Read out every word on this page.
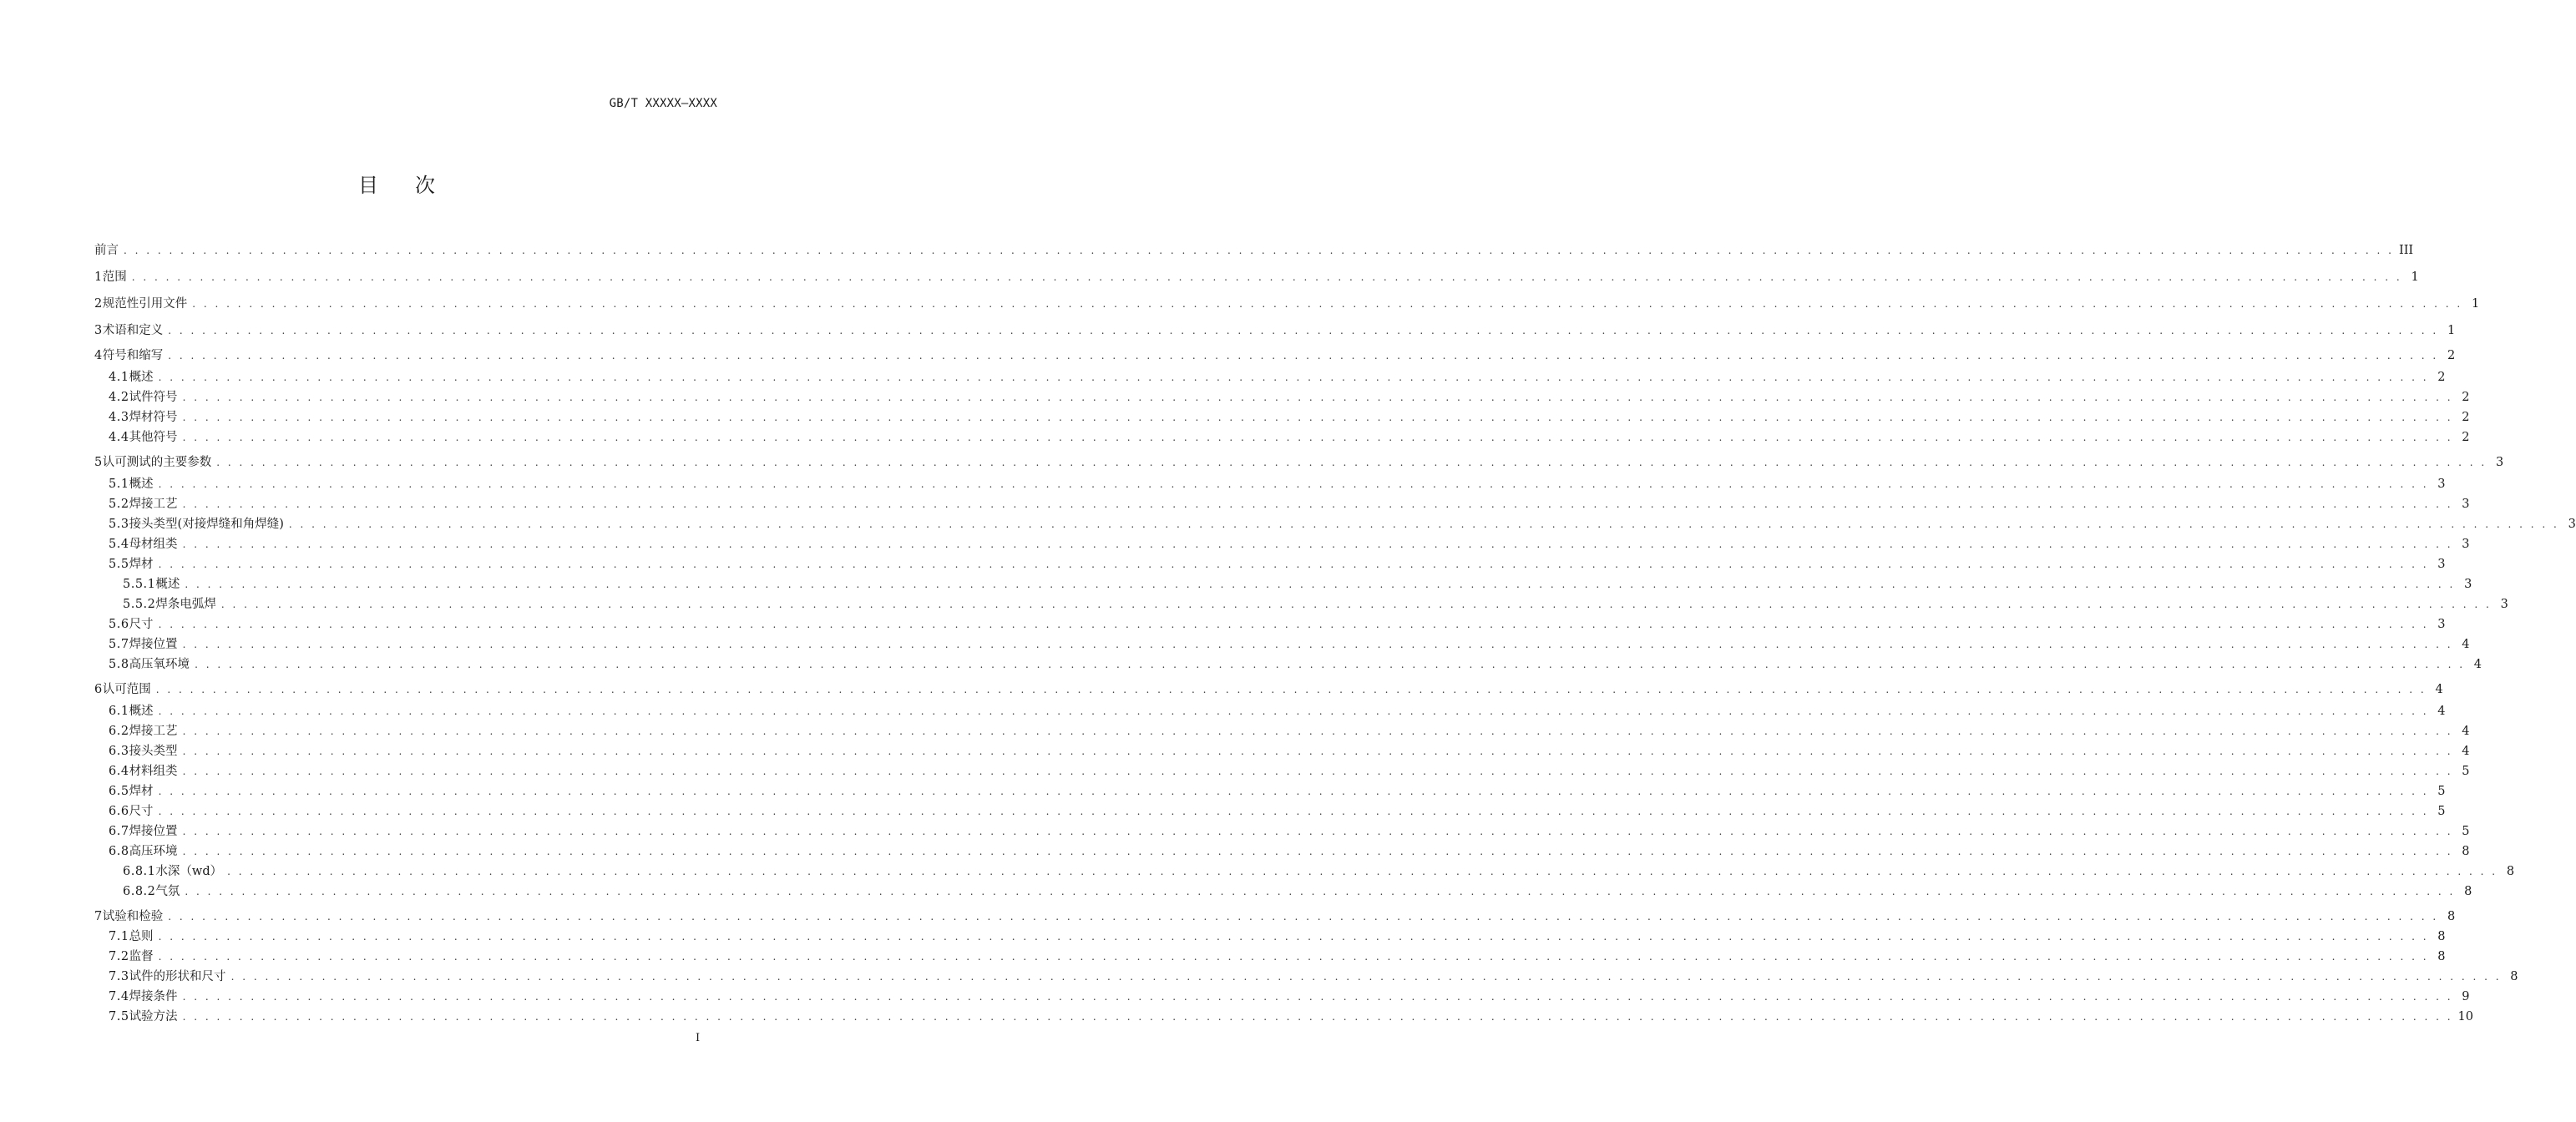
GB/T XXXXX—XXXX
目 次
前言 . . . . . . . . . . . . . . . . . . . . . . . . . . . . . . . . . . . . . . . . . . . . . . . . . . . . . . . . . . . . . . . . . . . . . . . . . . . . . . . . . . . . . . . . . . . . . . . . . . . . . . . . . . . . . . . . . . . . . . . . . . . . . . . . . . . . . . . . . . . . . . . . . . . . . . . . . . . . . . . . . . . . . . . . . . . . . . . . . . . . . . . . . . . . . . . . . . . . . . . . III
1 范围 . . . . . . . . . . . . . . . . . . . . . . . . . . . . . . . . . . . . . . . . . . . . . . . . . . . . . . . . . . . . . . . . . . . . . . . . . . . . . . . . . . . . . . . . . . . . . . . . . . . . . . . . . . . . . . . . . . . . . . . . . . . . . . . . . . . . . . . . . . . . . . . . . . . . . . . . . . . . . . . . . . . . . . . . . . . . . . . . . . . . . . . . . . . . . . . . . . . . . . . . 1
2 规范性引用文件 . . . . . . . . . . . . . . . . . . . . . . . . . . . . . . . . . . . . . . . . . . . . . . . . . . . . . . . . . . . . . . . . . . . . . . . . . . . . . . . . . . . . . . . . . . . . . . . . . . . . . . . . . . . . . . . . . . . . . . . . . . . . . . . . . . . . . . . . . . . . . . . . . . . . . . . . . . . . . . . . . . . . . . . . . . . . . . . . . . . . . . . . . . . . . . . . . . . . . . . . 1
3 术语和定义 . . . . . . . . . . . . . . . . . . . . . . . . . . . . . . . . . . . . . . . . . . . . . . . . . . . . . . . . . . . . . . . . . . . . . . . . . . . . . . . . . . . . . . . . . . . . . . . . . . . . . . . . . . . . . . . . . . . . . . . . . . . . . . . . . . . . . . . . . . . . . . . . . . . . . . . . . . . . . . . . . . . . . . . . . . . . . . . . . . . . . . . . . . . . . . . . . . . . . . . . 1
4 符号和缩写 . . . . . . . . . . . . . . . . . . . . . . . . . . . . . . . . . . . . . . . . . . . . . . . . . . . . . . . . . . . . . . . . . . . . . . . . . . . . . . . . . . . . . . . . . . . . . . . . . . . . . . . . . . . . . . . . . . . . . . . . . . . . . . . . . . . . . . . . . . . . . . . . . . . . . . . . . . . . . . . . . . . . . . . . . . . . . . . . . . . . . . . . . . . . . . . . . . . . . . . . 2
4.1 概述 . . . . . . . . . . . . . . . . . . . . . . . . . . . . . . . . . . . . . . . . . . . . . . . . . . . . . . . . . . . . . . . . . . . . . . . . . . . . . . . . . . . . . . . . . . . . . . . . . . . . . . . . . . . . . . . . . . . . . . . . . . . . . . . . . . . . . . . . . . . . . . . . . . . . . . . . . . . . . . . . . . . . . . . . . . . . . . . . . . . . . . . . . . . . . . . . . . . . . . . . 2
4.2 试件符号 . . . . . . . . . . . . . . . . . . . . . . . . . . . . . . . . . . . . . . . . . . . . . . . . . . . . . . . . . . . . . . . . . . . . . . . . . . . . . . . . . . . . . . . . . . . . . . . . . . . . . . . . . . . . . . . . . . . . . . . . . . . . . . . . . . . . . . . . . . . . . . . . . . . . . . . . . . . . . . . . . . . . . . . . . . . . . . . . . . . . . . . . . . . . . . . . . . . . . . . . 2
4.3 焊材符号 . . . . . . . . . . . . . . . . . . . . . . . . . . . . . . . . . . . . . . . . . . . . . . . . . . . . . . . . . . . . . . . . . . . . . . . . . . . . . . . . . . . . . . . . . . . . . . . . . . . . . . . . . . . . . . . . . . . . . . . . . . . . . . . . . . . . . . . . . . . . . . . . . . . . . . . . . . . . . . . . . . . . . . . . . . . . . . . . . . . . . . . . . . . . . . . . . . . . . . . . 2
4.4 其他符号 . . . . . . . . . . . . . . . . . . . . . . . . . . . . . . . . . . . . . . . . . . . . . . . . . . . . . . . . . . . . . . . . . . . . . . . . . . . . . . . . . . . . . . . . . . . . . . . . . . . . . . . . . . . . . . . . . . . . . . . . . . . . . . . . . . . . . . . . . . . . . . . . . . . . . . . . . . . . . . . . . . . . . . . . . . . . . . . . . . . . . . . . . . . . . . . . . . . . . . . . 2
5 认可测试的主要参数 . . . . . . . . . . . . . . . . . . . . . . . . . . . . . . . . . . . . . . . . . . . . . . . . . . . . . . . . . . . . . . . . . . . . . . . . . . . . . . . . . . . . . . . . . . . . . . . . . . . . . . . . . . . . . . . . . . . . . . . . . . . . . . . . . . . . . . . . . . . . . . . . . . . . . . . . . . . . . . . . . . . . . . . . . . . . . . . . . . . . . . . . . . . . . . . . . . . . . . . . 3
5.1 概述 . . . . . . . . . . . . . . . . . . . . . . . . . . . . . . . . . . . . . . . . . . . . . . . . . . . . . . . . . . . . . . . . . . . . . . . . . . . . . . . . . . . . . . . . . . . . . . . . . . . . . . . . . . . . . . . . . . . . . . . . . . . . . . . . . . . . . . . . . . . . . . . . . . . . . . . . . . . . . . . . . . . . . . . . . . . . . . . . . . . . . . . . . . . . . . . . . . . . . . . . 3
5.2 焊接工艺 . . . . . . . . . . . . . . . . . . . . . . . . . . . . . . . . . . . . . . . . . . . . . . . . . . . . . . . . . . . . . . . . . . . . . . . . . . . . . . . . . . . . . . . . . . . . . . . . . . . . . . . . . . . . . . . . . . . . . . . . . . . . . . . . . . . . . . . . . . . . . . . . . . . . . . . . . . . . . . . . . . . . . . . . . . . . . . . . . . . . . . . . . . . . . . . . . . . . . . . . 3
5.3 接头类型(对接焊缝和角焊缝) . . . . . . . . . . . . . . . . . . . . . . . . . . . . . . . . . . . . . . . . . . . . . . . . . . . . . . . . . . . . . . . . . . . . . . . . . . . . . . . . . . . . . . . . . . . . . . . . . . . . . . . . . . . . . . . . . . . . . . . . . . . . . . . . . . . . . . . . . . . . . . . . . . . . . . . . . . . . . . . . . . . . . . . . . . . . . . . . . . . . . . . . . . . . . . . . . . . . . . . . 3
5.4 母材组类 . . . . . . . . . . . . . . . . . . . . . . . . . . . . . . . . . . . . . . . . . . . . . . . . . . . . . . . . . . . . . . . . . . . . . . . . . . . . . . . . . . . . . . . . . . . . . . . . . . . . . . . . . . . . . . . . . . . . . . . . . . . . . . . . . . . . . . . . . . . . . . . . . . . . . . . . . . . . . . . . . . . . . . . . . . . . . . . . . . . . . . . . . . . . . . . . . . . . . . . . 3
5.5 焊材 . . . . . . . . . . . . . . . . . . . . . . . . . . . . . . . . . . . . . . . . . . . . . . . . . . . . . . . . . . . . . . . . . . . . . . . . . . . . . . . . . . . . . . . . . . . . . . . . . . . . . . . . . . . . . . . . . . . . . . . . . . . . . . . . . . . . . . . . . . . . . . . . . . . . . . . . . . . . . . . . . . . . . . . . . . . . . . . . . . . . . . . . . . . . . . . . . . . . . . . . 3
5.5.1 概述 . . . . . . . . . . . . . . . . . . . . . . . . . . . . . . . . . . . . . . . . . . . . . . . . . . . . . . . . . . . . . . . . . . . . . . . . . . . . . . . . . . . . . . . . . . . . . . . . . . . . . . . . . . . . . . . . . . . . . . . . . . . . . . . . . . . . . . . . . . . . . . . . . . . . . . . . . . . . . . . . . . . . . . . . . . . . . . . . . . . . . . . . . . . . . . . . . . . . . . . . 3
5.5.2 焊条电弧焊 . . . . . . . . . . . . . . . . . . . . . . . . . . . . . . . . . . . . . . . . . . . . . . . . . . . . . . . . . . . . . . . . . . . . . . . . . . . . . . . . . . . . . . . . . . . . . . . . . . . . . . . . . . . . . . . . . . . . . . . . . . . . . . . . . . . . . . . . . . . . . . . . . . . . . . . . . . . . . . . . . . . . . . . . . . . . . . . . . . . . . . . . . . . . . . . . . . . . . . . . 3
5.6 尺寸 . . . . . . . . . . . . . . . . . . . . . . . . . . . . . . . . . . . . . . . . . . . . . . . . . . . . . . . . . . . . . . . . . . . . . . . . . . . . . . . . . . . . . . . . . . . . . . . . . . . . . . . . . . . . . . . . . . . . . . . . . . . . . . . . . . . . . . . . . . . . . . . . . . . . . . . . . . . . . . . . . . . . . . . . . . . . . . . . . . . . . . . . . . . . . . . . . . . . . . . . 3
5.7 焊接位置 . . . . . . . . . . . . . . . . . . . . . . . . . . . . . . . . . . . . . . . . . . . . . . . . . . . . . . . . . . . . . . . . . . . . . . . . . . . . . . . . . . . . . . . . . . . . . . . . . . . . . . . . . . . . . . . . . . . . . . . . . . . . . . . . . . . . . . . . . . . . . . . . . . . . . . . . . . . . . . . . . . . . . . . . . . . . . . . . . . . . . . . . . . . . . . . . . . . . . . . . 4
5.8 高压氧环境 . . . . . . . . . . . . . . . . . . . . . . . . . . . . . . . . . . . . . . . . . . . . . . . . . . . . . . . . . . . . . . . . . . . . . . . . . . . . . . . . . . . . . . . . . . . . . . . . . . . . . . . . . . . . . . . . . . . . . . . . . . . . . . . . . . . . . . . . . . . . . . . . . . . . . . . . . . . . . . . . . . . . . . . . . . . . . . . . . . . . . . . . . . . . . . . . . . . . . . . . 4
6 认可范围 . . . . . . . . . . . . . . . . . . . . . . . . . . . . . . . . . . . . . . . . . . . . . . . . . . . . . . . . . . . . . . . . . . . . . . . . . . . . . . . . . . . . . . . . . . . . . . . . . . . . . . . . . . . . . . . . . . . . . . . . . . . . . . . . . . . . . . . . . . . . . . . . . . . . . . . . . . . . . . . . . . . . . . . . . . . . . . . . . . . . . . . . . . . . . . . . . . . . . . . . 4
6.1 概述 . . . . . . . . . . . . . . . . . . . . . . . . . . . . . . . . . . . . . . . . . . . . . . . . . . . . . . . . . . . . . . . . . . . . . . . . . . . . . . . . . . . . . . . . . . . . . . . . . . . . . . . . . . . . . . . . . . . . . . . . . . . . . . . . . . . . . . . . . . . . . . . . . . . . . . . . . . . . . . . . . . . . . . . . . . . . . . . . . . . . . . . . . . . . . . . . . . . . . . . . 4
6.2 焊接工艺 . . . . . . . . . . . . . . . . . . . . . . . . . . . . . . . . . . . . . . . . . . . . . . . . . . . . . . . . . . . . . . . . . . . . . . . . . . . . . . . . . . . . . . . . . . . . . . . . . . . . . . . . . . . . . . . . . . . . . . . . . . . . . . . . . . . . . . . . . . . . . . . . . . . . . . . . . . . . . . . . . . . . . . . . . . . . . . . . . . . . . . . . . . . . . . . . . . . . . . . . 4
6.3 接头类型 . . . . . . . . . . . . . . . . . . . . . . . . . . . . . . . . . . . . . . . . . . . . . . . . . . . . . . . . . . . . . . . . . . . . . . . . . . . . . . . . . . . . . . . . . . . . . . . . . . . . . . . . . . . . . . . . . . . . . . . . . . . . . . . . . . . . . . . . . . . . . . . . . . . . . . . . . . . . . . . . . . . . . . . . . . . . . . . . . . . . . . . . . . . . . . . . . . . . . . . . 4
6.4 材料组类 . . . . . . . . . . . . . . . . . . . . . . . . . . . . . . . . . . . . . . . . . . . . . . . . . . . . . . . . . . . . . . . . . . . . . . . . . . . . . . . . . . . . . . . . . . . . . . . . . . . . . . . . . . . . . . . . . . . . . . . . . . . . . . . . . . . . . . . . . . . . . . . . . . . . . . . . . . . . . . . . . . . . . . . . . . . . . . . . . . . . . . . . . . . . . . . . . . . . . . . . 5
6.5 焊材 . . . . . . . . . . . . . . . . . . . . . . . . . . . . . . . . . . . . . . . . . . . . . . . . . . . . . . . . . . . . . . . . . . . . . . . . . . . . . . . . . . . . . . . . . . . . . . . . . . . . . . . . . . . . . . . . . . . . . . . . . . . . . . . . . . . . . . . . . . . . . . . . . . . . . . . . . . . . . . . . . . . . . . . . . . . . . . . . . . . . . . . . . . . . . . . . . . . . . . . . 5
6.6 尺寸 . . . . . . . . . . . . . . . . . . . . . . . . . . . . . . . . . . . . . . . . . . . . . . . . . . . . . . . . . . . . . . . . . . . . . . . . . . . . . . . . . . . . . . . . . . . . . . . . . . . . . . . . . . . . . . . . . . . . . . . . . . . . . . . . . . . . . . . . . . . . . . . . . . . . . . . . . . . . . . . . . . . . . . . . . . . . . . . . . . . . . . . . . . . . . . . . . . . . . . . . 5
6.7 焊接位置 . . . . . . . . . . . . . . . . . . . . . . . . . . . . . . . . . . . . . . . . . . . . . . . . . . . . . . . . . . . . . . . . . . . . . . . . . . . . . . . . . . . . . . . . . . . . . . . . . . . . . . . . . . . . . . . . . . . . . . . . . . . . . . . . . . . . . . . . . . . . . . . . . . . . . . . . . . . . . . . . . . . . . . . . . . . . . . . . . . . . . . . . . . . . . . . . . . . . . . . . 5
6.8 高压环境 . . . . . . . . . . . . . . . . . . . . . . . . . . . . . . . . . . . . . . . . . . . . . . . . . . . . . . . . . . . . . . . . . . . . . . . . . . . . . . . . . . . . . . . . . . . . . . . . . . . . . . . . . . . . . . . . . . . . . . . . . . . . . . . . . . . . . . . . . . . . . . . . . . . . . . . . . . . . . . . . . . . . . . . . . . . . . . . . . . . . . . . . . . . . . . . . . . . . . . . . 8
6.8.1 水深（wd） . . . . . . . . . . . . . . . . . . . . . . . . . . . . . . . . . . . . . . . . . . . . . . . . . . . . . . . . . . . . . . . . . . . . . . . . . . . . . . . . . . . . . . . . . . . . . . . . . . . . . . . . . . . . . . . . . . . . . . . . . . . . . . . . . . . . . . . . . . . . . . . . . . . . . . . . . . . . . . . . . . . . . . . . . . . . . . . . . . . . . . . . . . . . . . . . . . . . . . . . 8
6.8.2 气氛 . . . . . . . . . . . . . . . . . . . . . . . . . . . . . . . . . . . . . . . . . . . . . . . . . . . . . . . . . . . . . . . . . . . . . . . . . . . . . . . . . . . . . . . . . . . . . . . . . . . . . . . . . . . . . . . . . . . . . . . . . . . . . . . . . . . . . . . . . . . . . . . . . . . . . . . . . . . . . . . . . . . . . . . . . . . . . . . . . . . . . . . . . . . . . . . . . . . . . . . . 8
7 试验和检验 . . . . . . . . . . . . . . . . . . . . . . . . . . . . . . . . . . . . . . . . . . . . . . . . . . . . . . . . . . . . . . . . . . . . . . . . . . . . . . . . . . . . . . . . . . . . . . . . . . . . . . . . . . . . . . . . . . . . . . . . . . . . . . . . . . . . . . . . . . . . . . . . . . . . . . . . . . . . . . . . . . . . . . . . . . . . . . . . . . . . . . . . . . . . . . . . . . . . . . . . 8
7.1 总则 . . . . . . . . . . . . . . . . . . . . . . . . . . . . . . . . . . . . . . . . . . . . . . . . . . . . . . . . . . . . . . . . . . . . . . . . . . . . . . . . . . . . . . . . . . . . . . . . . . . . . . . . . . . . . . . . . . . . . . . . . . . . . . . . . . . . . . . . . . . . . . . . . . . . . . . . . . . . . . . . . . . . . . . . . . . . . . . . . . . . . . . . . . . . . . . . . . . . . . . . 8
7.2 监督 . . . . . . . . . . . . . . . . . . . . . . . . . . . . . . . . . . . . . . . . . . . . . . . . . . . . . . . . . . . . . . . . . . . . . . . . . . . . . . . . . . . . . . . . . . . . . . . . . . . . . . . . . . . . . . . . . . . . . . . . . . . . . . . . . . . . . . . . . . . . . . . . . . . . . . . . . . . . . . . . . . . . . . . . . . . . . . . . . . . . . . . . . . . . . . . . . . . . . . . . 8
7.3 试件的形状和尺寸 . . . . . . . . . . . . . . . . . . . . . . . . . . . . . . . . . . . . . . . . . . . . . . . . . . . . . . . . . . . . . . . . . . . . . . . . . . . . . . . . . . . . . . . . . . . . . . . . . . . . . . . . . . . . . . . . . . . . . . . . . . . . . . . . . . . . . . . . . . . . . . . . . . . . . . . . . . . . . . . . . . . . . . . . . . . . . . . . . . . . . . . . . . . . . . . . . . . . . . . . 8
7.4 焊接条件 . . . . . . . . . . . . . . . . . . . . . . . . . . . . . . . . . . . . . . . . . . . . . . . . . . . . . . . . . . . . . . . . . . . . . . . . . . . . . . . . . . . . . . . . . . . . . . . . . . . . . . . . . . . . . . . . . . . . . . . . . . . . . . . . . . . . . . . . . . . . . . . . . . . . . . . . . . . . . . . . . . . . . . . . . . . . . . . . . . . . . . . . . . . . . . . . . . . . . . . . 9
7.5 试验方法 . . . . . . . . . . . . . . . . . . . . . . . . . . . . . . . . . . . . . . . . . . . . . . . . . . . . . . . . . . . . . . . . . . . . . . . . . . . . . . . . . . . . . . . . . . . . . . . . . . . . . . . . . . . . . . . . . . . . . . . . . . . . . . . . . . . . . . . . . . . . . . . . . . . . . . . . . . . . . . . . . . . . . . . . . . . . . . . . . . . . . . . . . . . . . . . . . . . . . . . . 10
I
